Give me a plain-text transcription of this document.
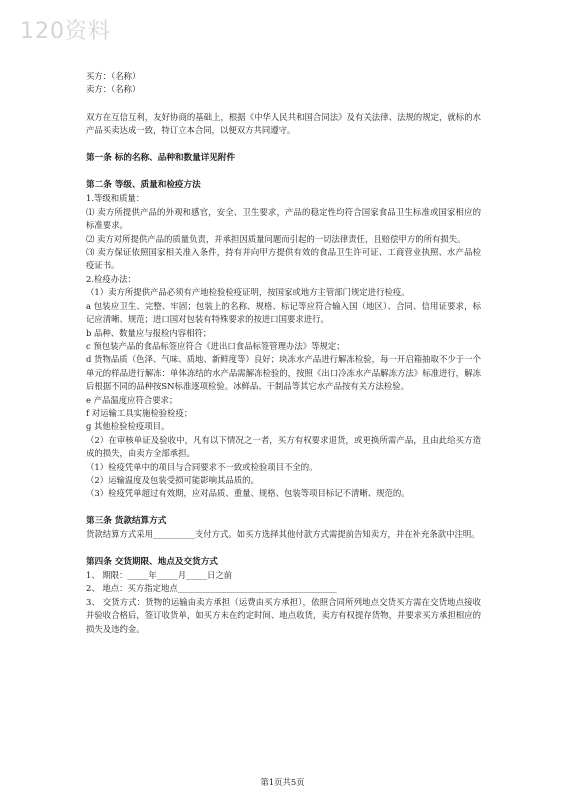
120资料

买方：（名称）

卖方：（名称）

双方在互信互利，友好协商的基础上，根据《中华人民共和国合同法》及有关法律、法规的规定，就标的水产品买卖达成一致，特订立本合同，以便双方共同遵守。

第一条 标的名称、品种和数量详见附件

第二条 等级、质量和检疫方法

1.等级和质量：

⑴ 卖方所提供产品的外观和感官，安全、卫生要求，产品的稳定性均符合国家食品卫生标准或国家相应的标准要求。

⑵ 卖方对所提供产品的质量负责，并承担因质量问题而引起的一切法律责任，且赔偿甲方的所有损失。

⑶ 卖方保证依照国家相关准入条件，持有并向甲方提供有效的食品卫生许可证、工商营业执照、水产品检疫证书。

2.检疫办法：

（1）卖方所提供产品必须有产地检验检疫证明，按国家或地方主管部门规定进行检疫。

a 包装应卫生、完整、牢固；包装上的名称、规格、标记等应符合输入国（地区）、合同、信用证要求，标记应清晰、规范；进口国对包装有特殊要求的按进口国要求进行。

b 品种、数量应与报检内容相符；

c 预包装产品的食品标签应符合《进出口食品标签管理办法》等规定；

d 货物品质（色泽、气味、质地、新鲜度等）良好；块冻水产品进行解冻检验，每一开启箱抽取不少于一个单元的样品进行解冻：单体冻结的水产品需解冻检验的，按照《出口冷冻水产品解冻方法》标准进行，解冻后根据不同的品种按SN标准逐项检验。冰鲜品、干制品等其它水产品按有关方法检验。

e 产品温度应符合要求；

f 对运输工具实施检验检疫；

g 其他检验检疫项目。

（2）在审核单证及验收中，凡有以下情况之一者，买方有权要求退货，或更换所需产品，且由此给买方造成的损失，由卖方全部承担。

（1）检疫凭单中的项目与合同要求不一致或检验项目不全的。

（2）运输温度及包装受损可能影响其品质的。

（3）检疫凭单超过有效期，应对品质、重量、规格、包装等项目标记不清晰、规范的。

第三条 货款结算方式

货款结算方式采用__________支付方式。如买方选择其他付款方式需提前告知卖方，并在补充条款中注明。

第四条 交货期限、地点及交货方式

1、 期限：_____年_____月_____日之前

2、 地点：买方指定地点______________________________________

3、 交货方式：货物的运输由卖方承担（运费由买方承担），依照合同所列地点交货买方需在交货地点接收并验收合格后，签订收货单，如买方未在约定时间、地点收货，卖方有权提存货物，并要求买方承担相应的损失及违约金。

第1页共5页
